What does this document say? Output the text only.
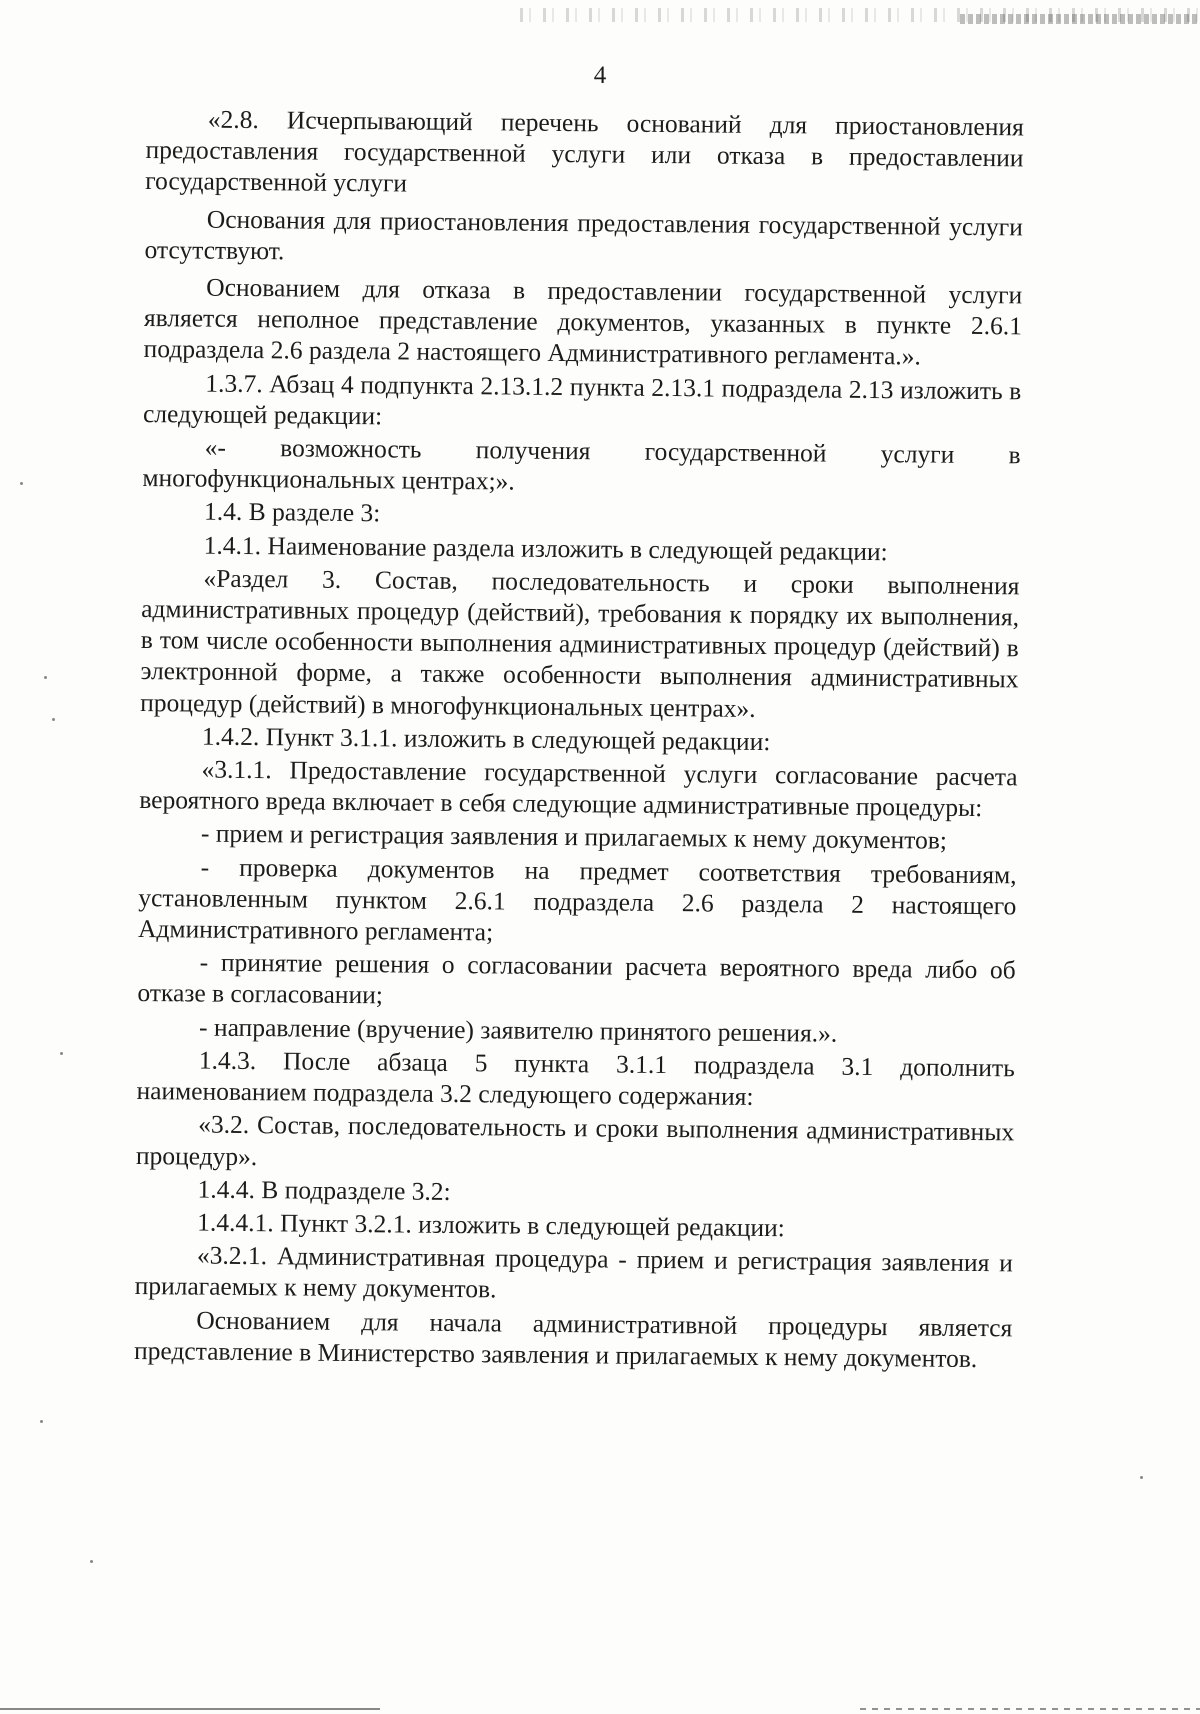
4

«2.8. Исчерпывающий перечень оснований для приостановления предоставления государственной услуги или отказа в предоставлении государственной услуги

Основания для приостановления предоставления государственной услуги отсутствуют.

Основанием для отказа в предоставлении государственной услуги является неполное представление документов, указанных в пункте 2.6.1 подраздела 2.6 раздела 2 настоящего Административного регламента.».

1.3.7. Абзац 4 подпункта 2.13.1.2 пункта 2.13.1 подраздела 2.13 изложить в следующей редакции:

«- возможность получения государственной услуги в многофункциональных центрах;».

1.4. В разделе 3:

1.4.1. Наименование раздела изложить в следующей редакции:

«Раздел 3. Состав, последовательность и сроки выполнения административных процедур (действий), требования к порядку их выполнения, в том числе особенности выполнения административных процедур (действий) в электронной форме, а также особенности выполнения административных процедур (действий) в многофункциональных центрах».

1.4.2. Пункт 3.1.1. изложить в следующей редакции:

«3.1.1. Предоставление государственной услуги согласование расчета вероятного вреда включает в себя следующие административные процедуры:

- прием и регистрация заявления и прилагаемых к нему документов;

- проверка документов на предмет соответствия требованиям, установленным пунктом 2.6.1 подраздела 2.6 раздела 2 настоящего Административного регламента;

- принятие решения о согласовании расчета вероятного вреда либо об отказе в согласовании;

- направление (вручение) заявителю принятого решения.».

1.4.3. После абзаца 5 пункта 3.1.1 подраздела 3.1 дополнить наименованием подраздела 3.2 следующего содержания:

«3.2. Состав, последовательность и сроки выполнения административных процедур».

1.4.4. В подразделе 3.2:

1.4.4.1. Пункт 3.2.1. изложить в следующей редакции:

«3.2.1. Административная процедура - прием и регистрация заявления и прилагаемых к нему документов.

Основанием для начала административной процедуры является представление в Министерство заявления и прилагаемых к нему документов.
